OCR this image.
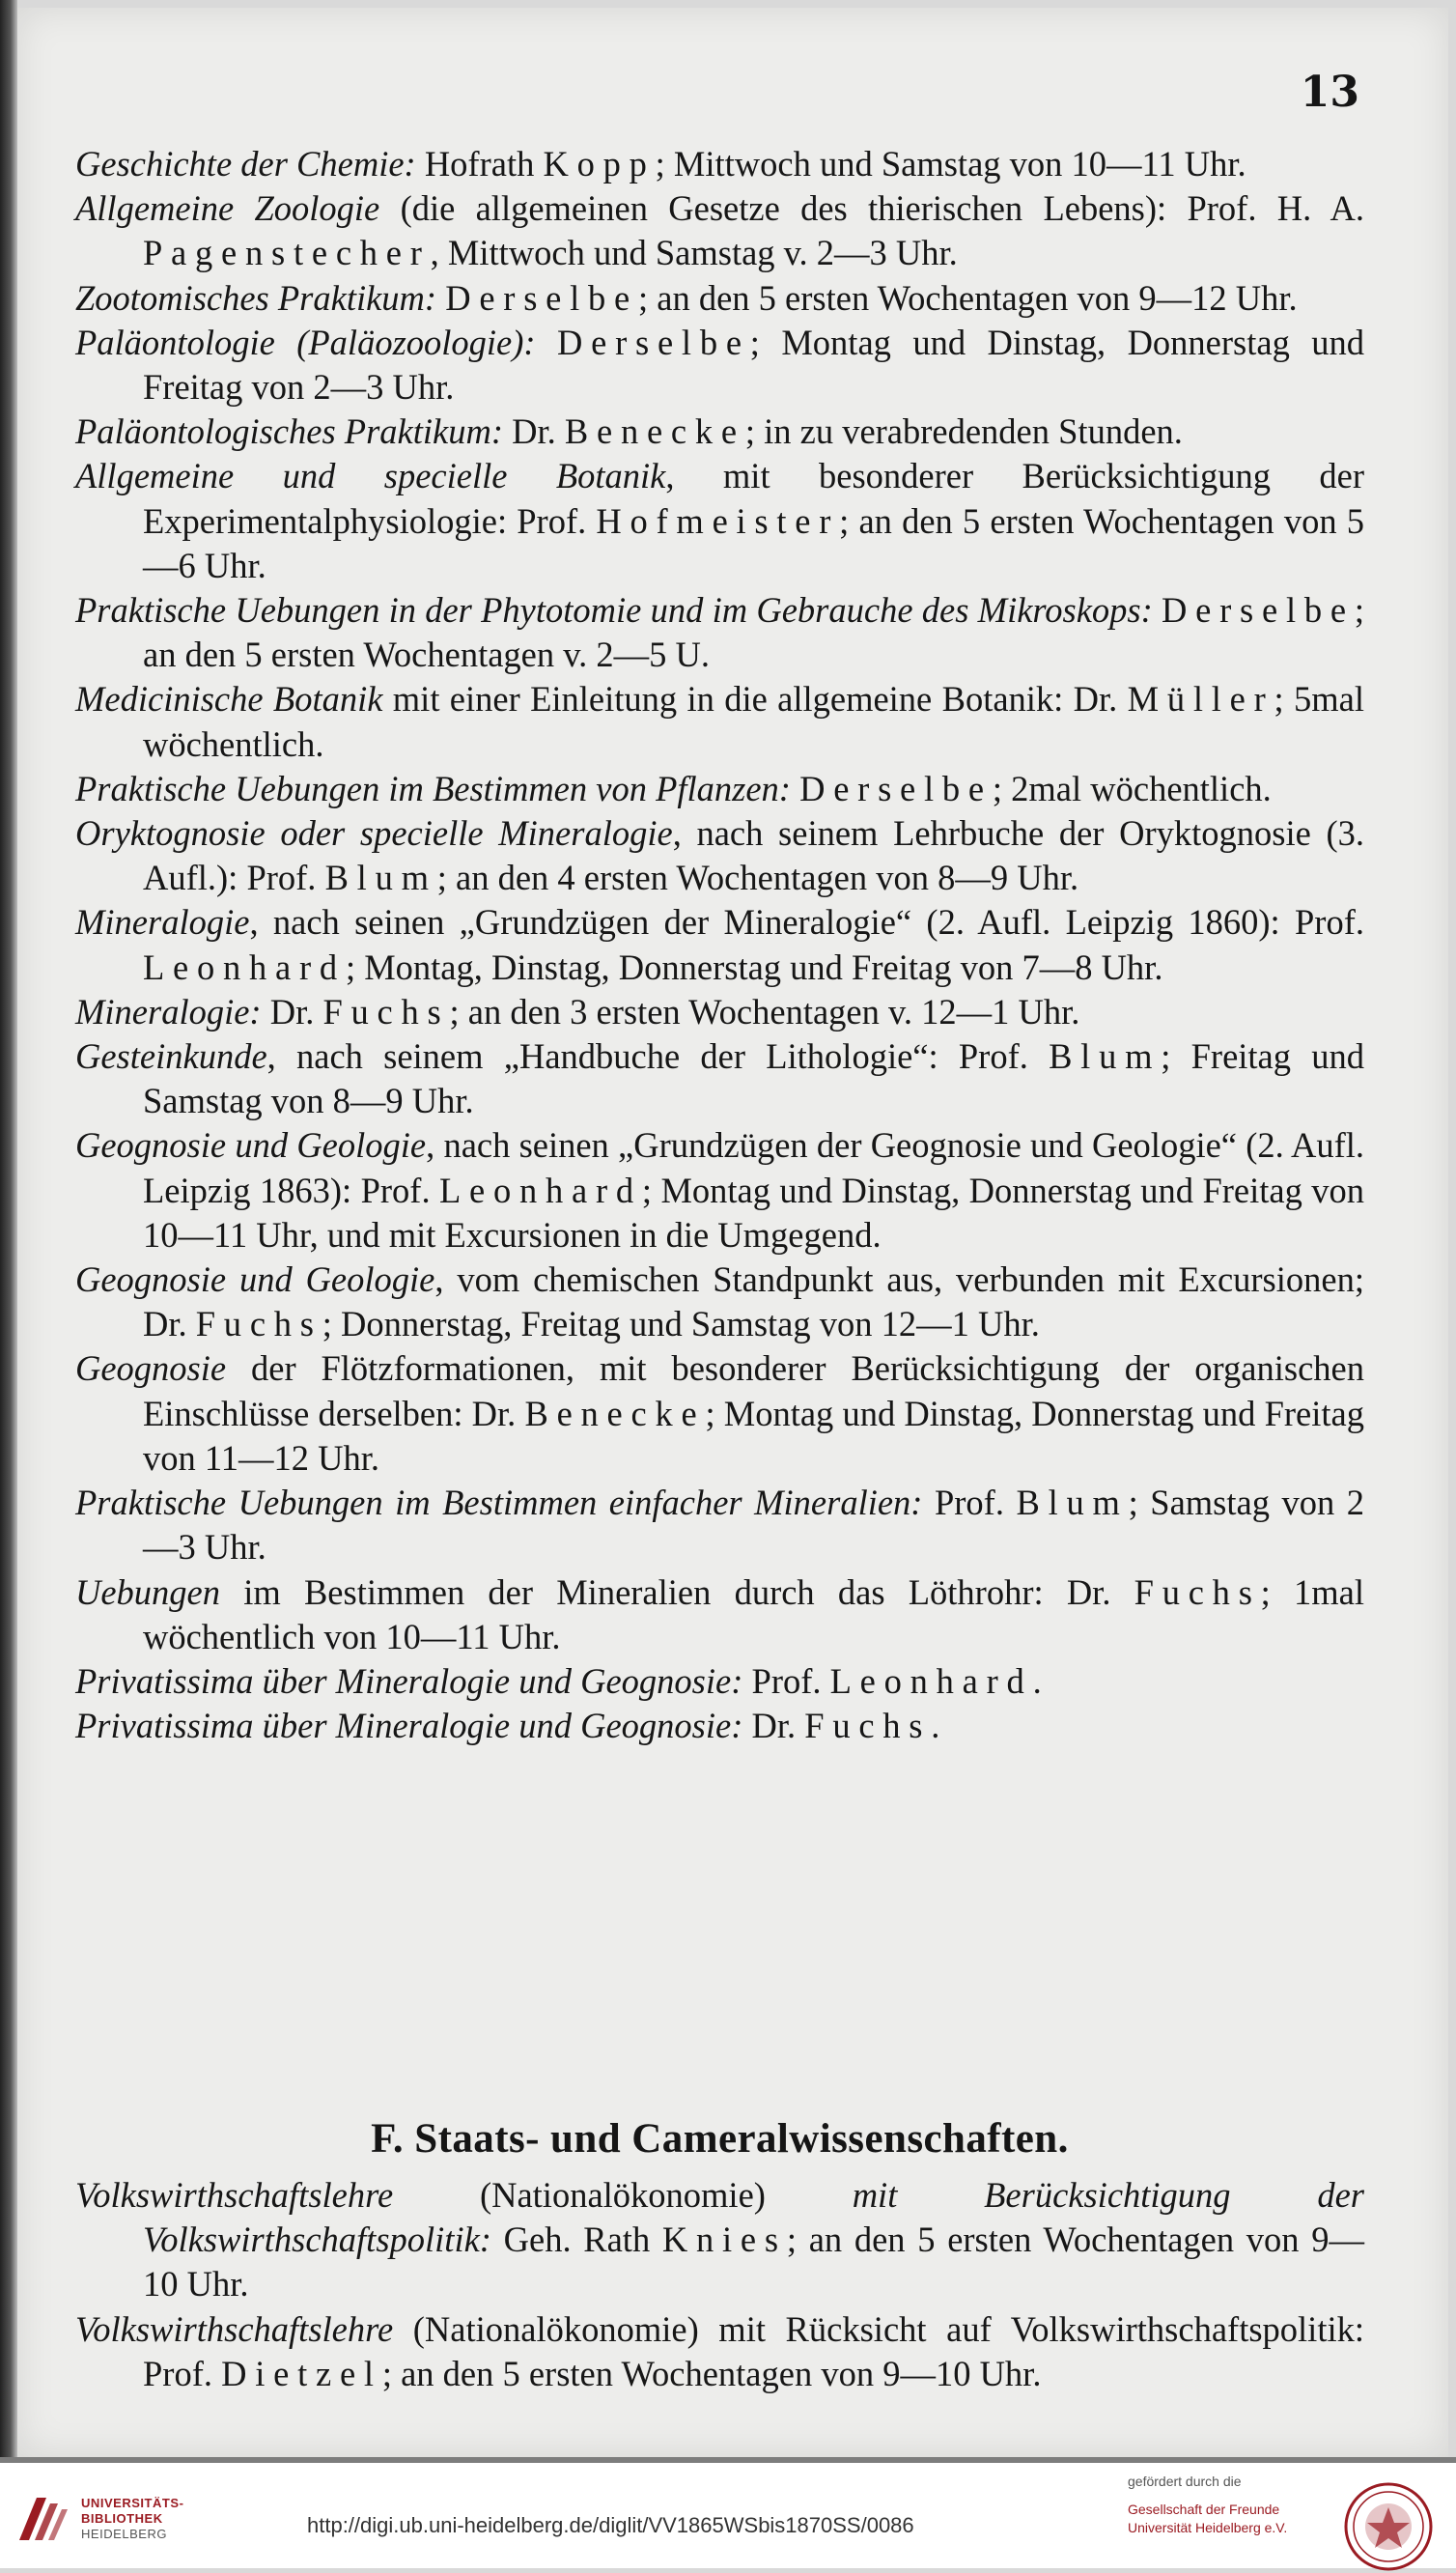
13

Geschichte der Chemie: Hofrath Kopp; Mittwoch und Samstag von 10—11 Uhr.

Allgemeine Zoologie (die allgemeinen Gesetze des thierischen Lebens): Prof. H. A. Pagenstecher, Mittwoch und Samstag v. 2—3 Uhr.

Zootomisches Praktikum: Derselbe; an den 5 ersten Wochentagen von 9—12 Uhr.

Paläontologie (Paläozoologie): Derselbe; Montag und Dinstag, Donnerstag und Freitag von 2—3 Uhr.

Paläontologisches Praktikum: Dr. Benecke; in zu verabredenden Stunden.

Allgemeine und specielle Botanik, mit besonderer Berücksichtigung der Experimentalphysiologie: Prof. Hofmeister; an den 5 ersten Wochentagen von 5—6 Uhr.

Praktische Uebungen in der Phytotomie und im Gebrauche des Mikroskops: Derselbe; an den 5 ersten Wochentagen v. 2—5 U.

Medicinische Botanik mit einer Einleitung in die allgemeine Botanik: Dr. Müller; 5mal wöchentlich.

Praktische Uebungen im Bestimmen von Pflanzen: Derselbe; 2mal wöchentlich.

Oryktognosie oder specielle Mineralogie, nach seinem Lehrbuche der Oryktognosie (3. Aufl.): Prof. Blum; an den 4 ersten Wochentagen von 8—9 Uhr.

Mineralogie, nach seinen „Grundzügen der Mineralogie“ (2. Aufl. Leipzig 1860): Prof. Leonhard; Montag, Dinstag, Donnerstag und Freitag von 7—8 Uhr.

Mineralogie: Dr. Fuchs; an den 3 ersten Wochentagen v. 12—1 Uhr.

Gesteinkunde, nach seinem „Handbuche der Lithologie“: Prof. Blum; Freitag und Samstag von 8—9 Uhr.

Geognosie und Geologie, nach seinen „Grundzügen der Geognosie und Geologie“ (2. Aufl. Leipzig 1863): Prof. Leonhard; Montag und Dinstag, Donnerstag und Freitag von 10—11 Uhr, und mit Excursionen in die Umgegend.

Geognosie und Geologie, vom chemischen Standpunkt aus, verbunden mit Excursionen; Dr. Fuchs; Donnerstag, Freitag und Samstag von 12—1 Uhr.

Geognosie der Flötzformationen, mit besonderer Berücksichtigung der organischen Einschlüsse derselben: Dr. Benecke; Montag und Dinstag, Donnerstag und Freitag von 11—12 Uhr.

Praktische Uebungen im Bestimmen einfacher Mineralien: Prof. Blum; Samstag von 2—3 Uhr.

Uebungen im Bestimmen der Mineralien durch das Löthrohr: Dr. Fuchs; 1mal wöchentlich von 10—11 Uhr.

Privatissima über Mineralogie und Geognosie: Prof. Leonhard.

Privatissima über Mineralogie und Geognosie: Dr. Fuchs.

F. Staats- und Cameralwissenschaften.

Volkswirthschaftslehre (Nationalökonomie) mit Berücksichtigung der Volkswirthschaftspolitik: Geh. Rath Knies; an den 5 ersten Wochentagen von 9—10 Uhr.

Volkswirthschaftslehre (Nationalökonomie) mit Rücksicht auf Volkswirthschaftspolitik: Prof. Dietzel; an den 5 ersten Wochentagen von 9—10 Uhr.

UNIVERSITÄTS-
BIBLIOTHEK
HEIDELBERG	http://digi.ub.uni-heidelberg.de/diglit/VV1865WSbis1870SS/0086
gefördert durch die
Gesellschaft der Freunde
Universität Heidelberg e.V.
